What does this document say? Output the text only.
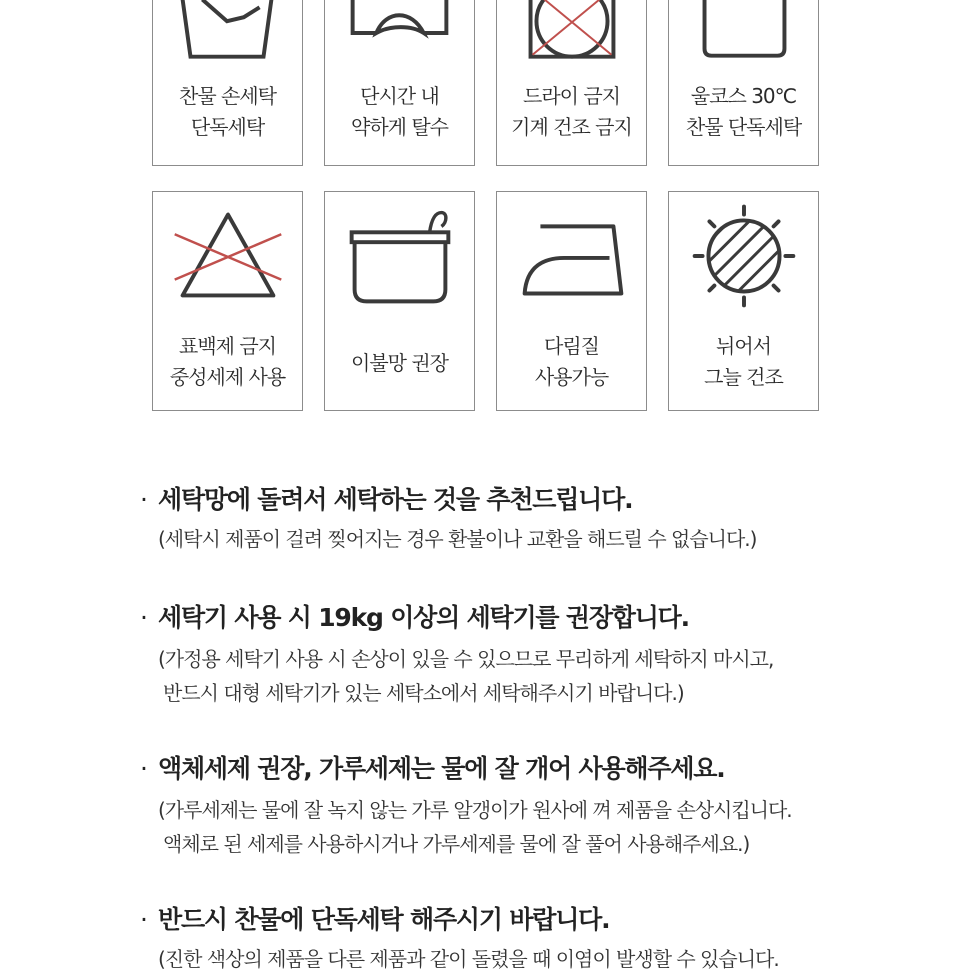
찬물 손세탁
단독세탁
단시간 내
약하게 탈수
드라이 금지
기계 건조 금지
울코스 30℃
찬물 단독세탁
표백제 금지
중성세제 사용
이불망 권장
다림질
사용가능
뉘어서
그늘 건조
· 세탁망에 돌려서 세탁하는 것을 추천드립니다.
(세탁시 제품이 걸려 찢어지는 경우 환불이나 교환을 해드릴 수 없습니다.)
· 세탁기 사용 시 19kg 이상의 세탁기를 권장합니다.
(가정용 세탁기 사용 시 손상이 있을 수 있으므로 무리하게 세탁하지 마시고,
반드시 대형 세탁기가 있는 세탁소에서 세탁해주시기 바랍니다.)
· 액체세제 권장, 가루세제는 물에 잘 개어 사용해주세요.
(가루세제는 물에 잘 녹지 않는 가루 알갱이가 원사에 껴 제품을 손상시킵니다.
액체로 된 세제를 사용하시거나 가루세제를 물에 잘 풀어 사용해주세요.)
· 반드시 찬물에 단독세탁 해주시기 바랍니다.
(진한 색상의 제품을 다른 제품과 같이 돌렸을 때 이염이 발생할 수 있습니다.
